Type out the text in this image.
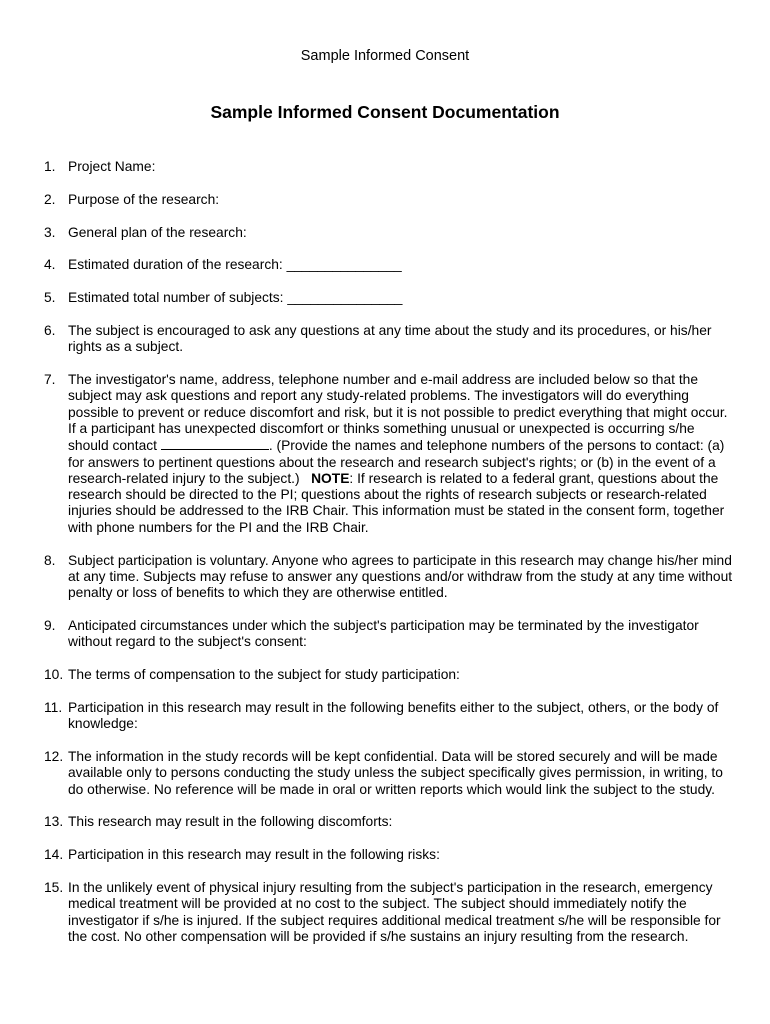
Sample Informed Consent
Sample Informed Consent Documentation
1. Project Name:
2. Purpose of the research:
3. General plan of the research:
4. Estimated duration of the research: _______________
5. Estimated total number of subjects: _______________
6. The subject is encouraged to ask any questions at any time about the study and its procedures, or his/her rights as a subject.
7. The investigator's name, address, telephone number and e-mail address are included below so that the subject may ask questions and report any study-related problems. The investigators will do everything possible to prevent or reduce discomfort and risk, but it is not possible to predict everything that might occur. If a participant has unexpected discomfort or thinks something unusual or unexpected is occurring s/he should contact	. (Provide the names and telephone numbers of the persons to contact: (a) for answers to pertinent questions about the research and research subject's rights; or (b) in the event of a research-related injury to the subject.) NOTE: If research is related to a federal grant, questions about the research should be directed to the PI; questions about the rights of research subjects or research-related injuries should be addressed to the IRB Chair. This information must be stated in the consent form, together with phone numbers for the PI and the IRB Chair.
8. Subject participation is voluntary. Anyone who agrees to participate in this research may change his/her mind at any time. Subjects may refuse to answer any questions and/or withdraw from the study at any time without penalty or loss of benefits to which they are otherwise entitled.
9. Anticipated circumstances under which the subject's participation may be terminated by the investigator without regard to the subject's consent:
10. The terms of compensation to the subject for study participation:
11. Participation in this research may result in the following benefits either to the subject, others, or the body of knowledge:
12. The information in the study records will be kept confidential. Data will be stored securely and will be made available only to persons conducting the study unless the subject specifically gives permission, in writing, to do otherwise. No reference will be made in oral or written reports which would link the subject to the study.
13. This research may result in the following discomforts:
14. Participation in this research may result in the following risks:
15. In the unlikely event of physical injury resulting from the subject's participation in the research, emergency medical treatment will be provided at no cost to the subject. The subject should immediately notify the investigator if s/he is injured. If the subject requires additional medical treatment s/he will be responsible for the cost. No other compensation will be provided if s/he sustains an injury resulting from the research.
